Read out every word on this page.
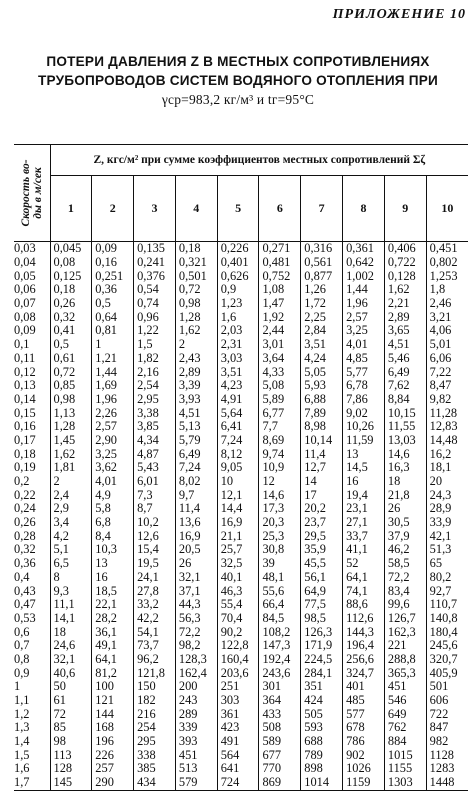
ПРИЛОЖЕНИЕ 10
ПОТЕРИ ДАВЛЕНИЯ Z В МЕСТНЫХ СОПРОТИВЛЕНИЯХ
ТРУБОПРОВОДОВ СИСТЕМ ВОДЯНОГО ОТОПЛЕНИЯ ПРИ
γср=983,2 кг/м³ и tг=95°С
Скорость во-
ды в м/сек	Z, кгс/м² при сумме коэффициентов местных сопротивлений Σζ									
	1	2	3	4	5	6	7	8	9	10
0,03	0,045	0,09	0,135	0,18	0,226	0,271	0,316	0,361	0,406	0,451
0,04	0,08	0,16	0,241	0,321	0,401	0,481	0,561	0,642	0,722	0,802
0,05	0,125	0,251	0,376	0,501	0,626	0,752	0,877	1,002	0,128	1,253
0,06	0,18	0,36	0,54	0,72	0,9	1,08	1,26	1,44	1,62	1,8
0,07	0,26	0,5	0,74	0,98	1,23	1,47	1,72	1,96	2,21	2,46
0,08	0,32	0,64	0,96	1,28	1,6	1,92	2,25	2,57	2,89	3,21
0,09	0,41	0,81	1,22	1,62	2,03	2,44	2,84	3,25	3,65	4,06
0,1	0,5	1	1,5	2	2,31	3,01	3,51	4,01	4,51	5,01
0,11	0,61	1,21	1,82	2,43	3,03	3,64	4,24	4,85	5,46	6,06
0,12	0,72	1,44	2,16	2,89	3,51	4,33	5,05	5,77	6,49	7,22
0,13	0,85	1,69	2,54	3,39	4,23	5,08	5,93	6,78	7,62	8,47
0,14	0,98	1,96	2,95	3,93	4,91	5,89	6,88	7,86	8,84	9,82
0,15	1,13	2,26	3,38	4,51	5,64	6,77	7,89	9,02	10,15	11,28
0,16	1,28	2,57	3,85	5,13	6,41	7,7	8,98	10,26	11,55	12,83
0,17	1,45	2,90	4,34	5,79	7,24	8,69	10,14	11,59	13,03	14,48
0,18	1,62	3,25	4,87	6,49	8,12	9,74	11,4	13	14,6	16,2
0,19	1,81	3,62	5,43	7,24	9,05	10,9	12,7	14,5	16,3	18,1
0,2	2	4,01	6,01	8,02	10	12	14	16	18	20
0,22	2,4	4,9	7,3	9,7	12,1	14,6	17	19,4	21,8	24,3
0,24	2,9	5,8	8,7	11,4	14,4	17,3	20,2	23,1	26	28,9
0,26	3,4	6,8	10,2	13,6	16,9	20,3	23,7	27,1	30,5	33,9
0,28	4,2	8,4	12,6	16,9	21,1	25,3	29,5	33,7	37,9	42,1
0,32	5,1	10,3	15,4	20,5	25,7	30,8	35,9	41,1	46,2	51,3
0,36	6,5	13	19,5	26	32,5	39	45,5	52	58,5	65
0,4	8	16	24,1	32,1	40,1	48,1	56,1	64,1	72,2	80,2
0,43	9,3	18,5	27,8	37,1	46,3	55,6	64,9	74,1	83,4	92,7
0,47	11,1	22,1	33,2	44,3	55,4	66,4	77,5	88,6	99,6	110,7
0,53	14,1	28,2	42,2	56,3	70,4	84,5	98,5	112,6	126,7	140,8
0,6	18	36,1	54,1	72,2	90,2	108,2	126,3	144,3	162,3	180,4
0,7	24,6	49,1	73,7	98,2	122,8	147,3	171,9	196,4	221	245,6
0,8	32,1	64,1	96,2	128,3	160,4	192,4	224,5	256,6	288,8	320,7
0,9	40,6	81,2	121,8	162,4	203,6	243,6	284,1	324,7	365,3	405,9
1	50	100	150	200	251	301	351	401	451	501
1,1	61	121	182	243	303	364	424	485	546	606
1,2	72	144	216	289	361	433	505	577	649	722
1,3	85	168	254	339	423	508	593	678	762	847
1,4	98	196	295	393	491	589	688	786	884	982
1,5	113	226	338	451	564	677	789	902	1015	1128
1,6	128	257	385	513	641	770	898	1026	1155	1283
1,7	145	290	434	579	724	869	1014	1159	1303	1448
